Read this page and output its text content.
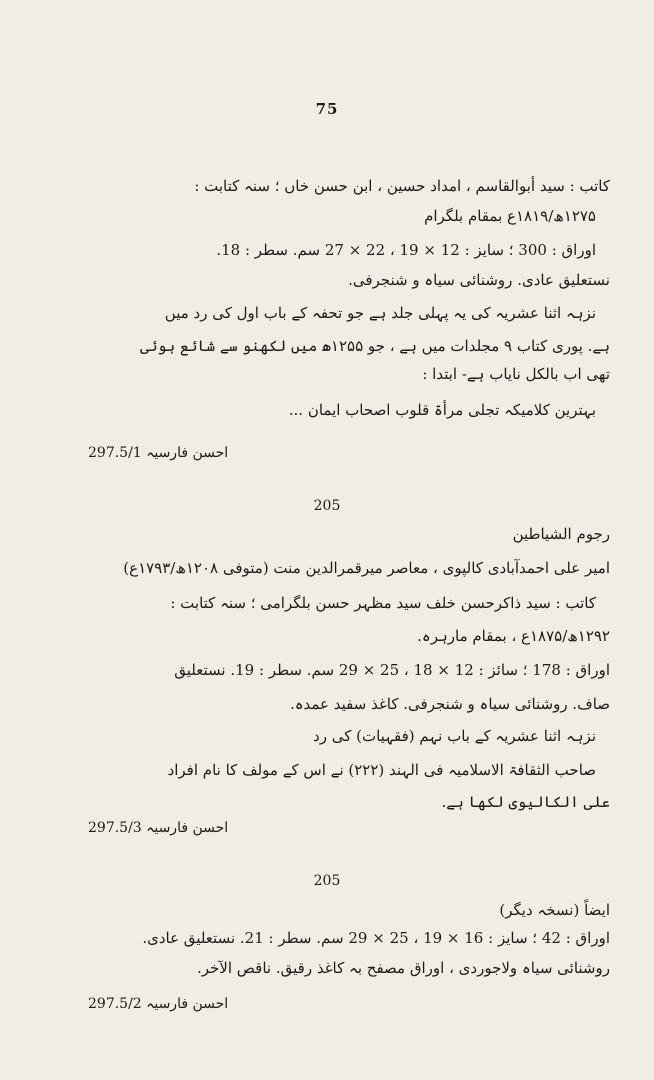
75
کاتب : سید أبوالقاسم ، امداد حسین ، ابن حسن خاں ؛ سنہ کتابت :
۱۲۷۵ھ/۱۸۱۹ع بمقام بلگرام
اوراق : 300 ؛ سایز : 12 × 19 ، 22 × 27 سم. سطر : 18.
نستعلیق عادی. روشنائی سیاہ و شنجرفی.
نزہہ اثنا عشریہ کی یہ پہلی جلد ہے جو تحفہ کے باب اول کی رد میں
ہے. پوری کتاب ۹ مجلدات میں ہے ، جو ۱۲۵۵ھ میں لکھنو سے شائع ہوئی
تھی اب بالکل نایاب ہے- ابتدا :
بہترین کلامیکہ تجلی مرأۃ قلوب اصحاب ایمان ...
احسن فارسیہ 297.5/1
205
رجوم الشیاطین
امیر علی احمدآبادی کالپوی ، معاصر میرقمرالدین منت (متوفی ۱۲۰۸ھ/۱۷۹۳ع)
کاتب : سید ذاکرحسن خلف سید مظہر حسن بلگرامی ؛ سنہ کتابت :
۱۲۹۲ھ/۱۸۷۵ع ، بمقام مارہرہ.
اوراق : 178 ؛ سائز : 12 × 18 ، 25 × 29 سم. سطر : 19. نستعلیق
صاف. روشنائی سیاہ و شنجرفی. کاغذ سفید عمدہ.
نزہہ اثنا عشریہ کے باب نہم (فقہیات) کی رد
صاحب الثقافۃ الاسلامیہ فی الہند (۲۲۲) نے اس کے مولف کا نام افراد
علی الکالیوی لکھا ہے.
احسن فارسیہ 297.5/3
205
ایضاً (نسخہ دیگر)
اوراق : 42 ؛ سایز : 16 × 19 ، 25 × 29 سم. سطر : 21. نستعلیق عادی.
روشنائی سیاہ ولاجوردی ، اوراق مصفح بہ کاغذ رقیق. ناقص الآخر.
احسن فارسیہ 297.5/2
